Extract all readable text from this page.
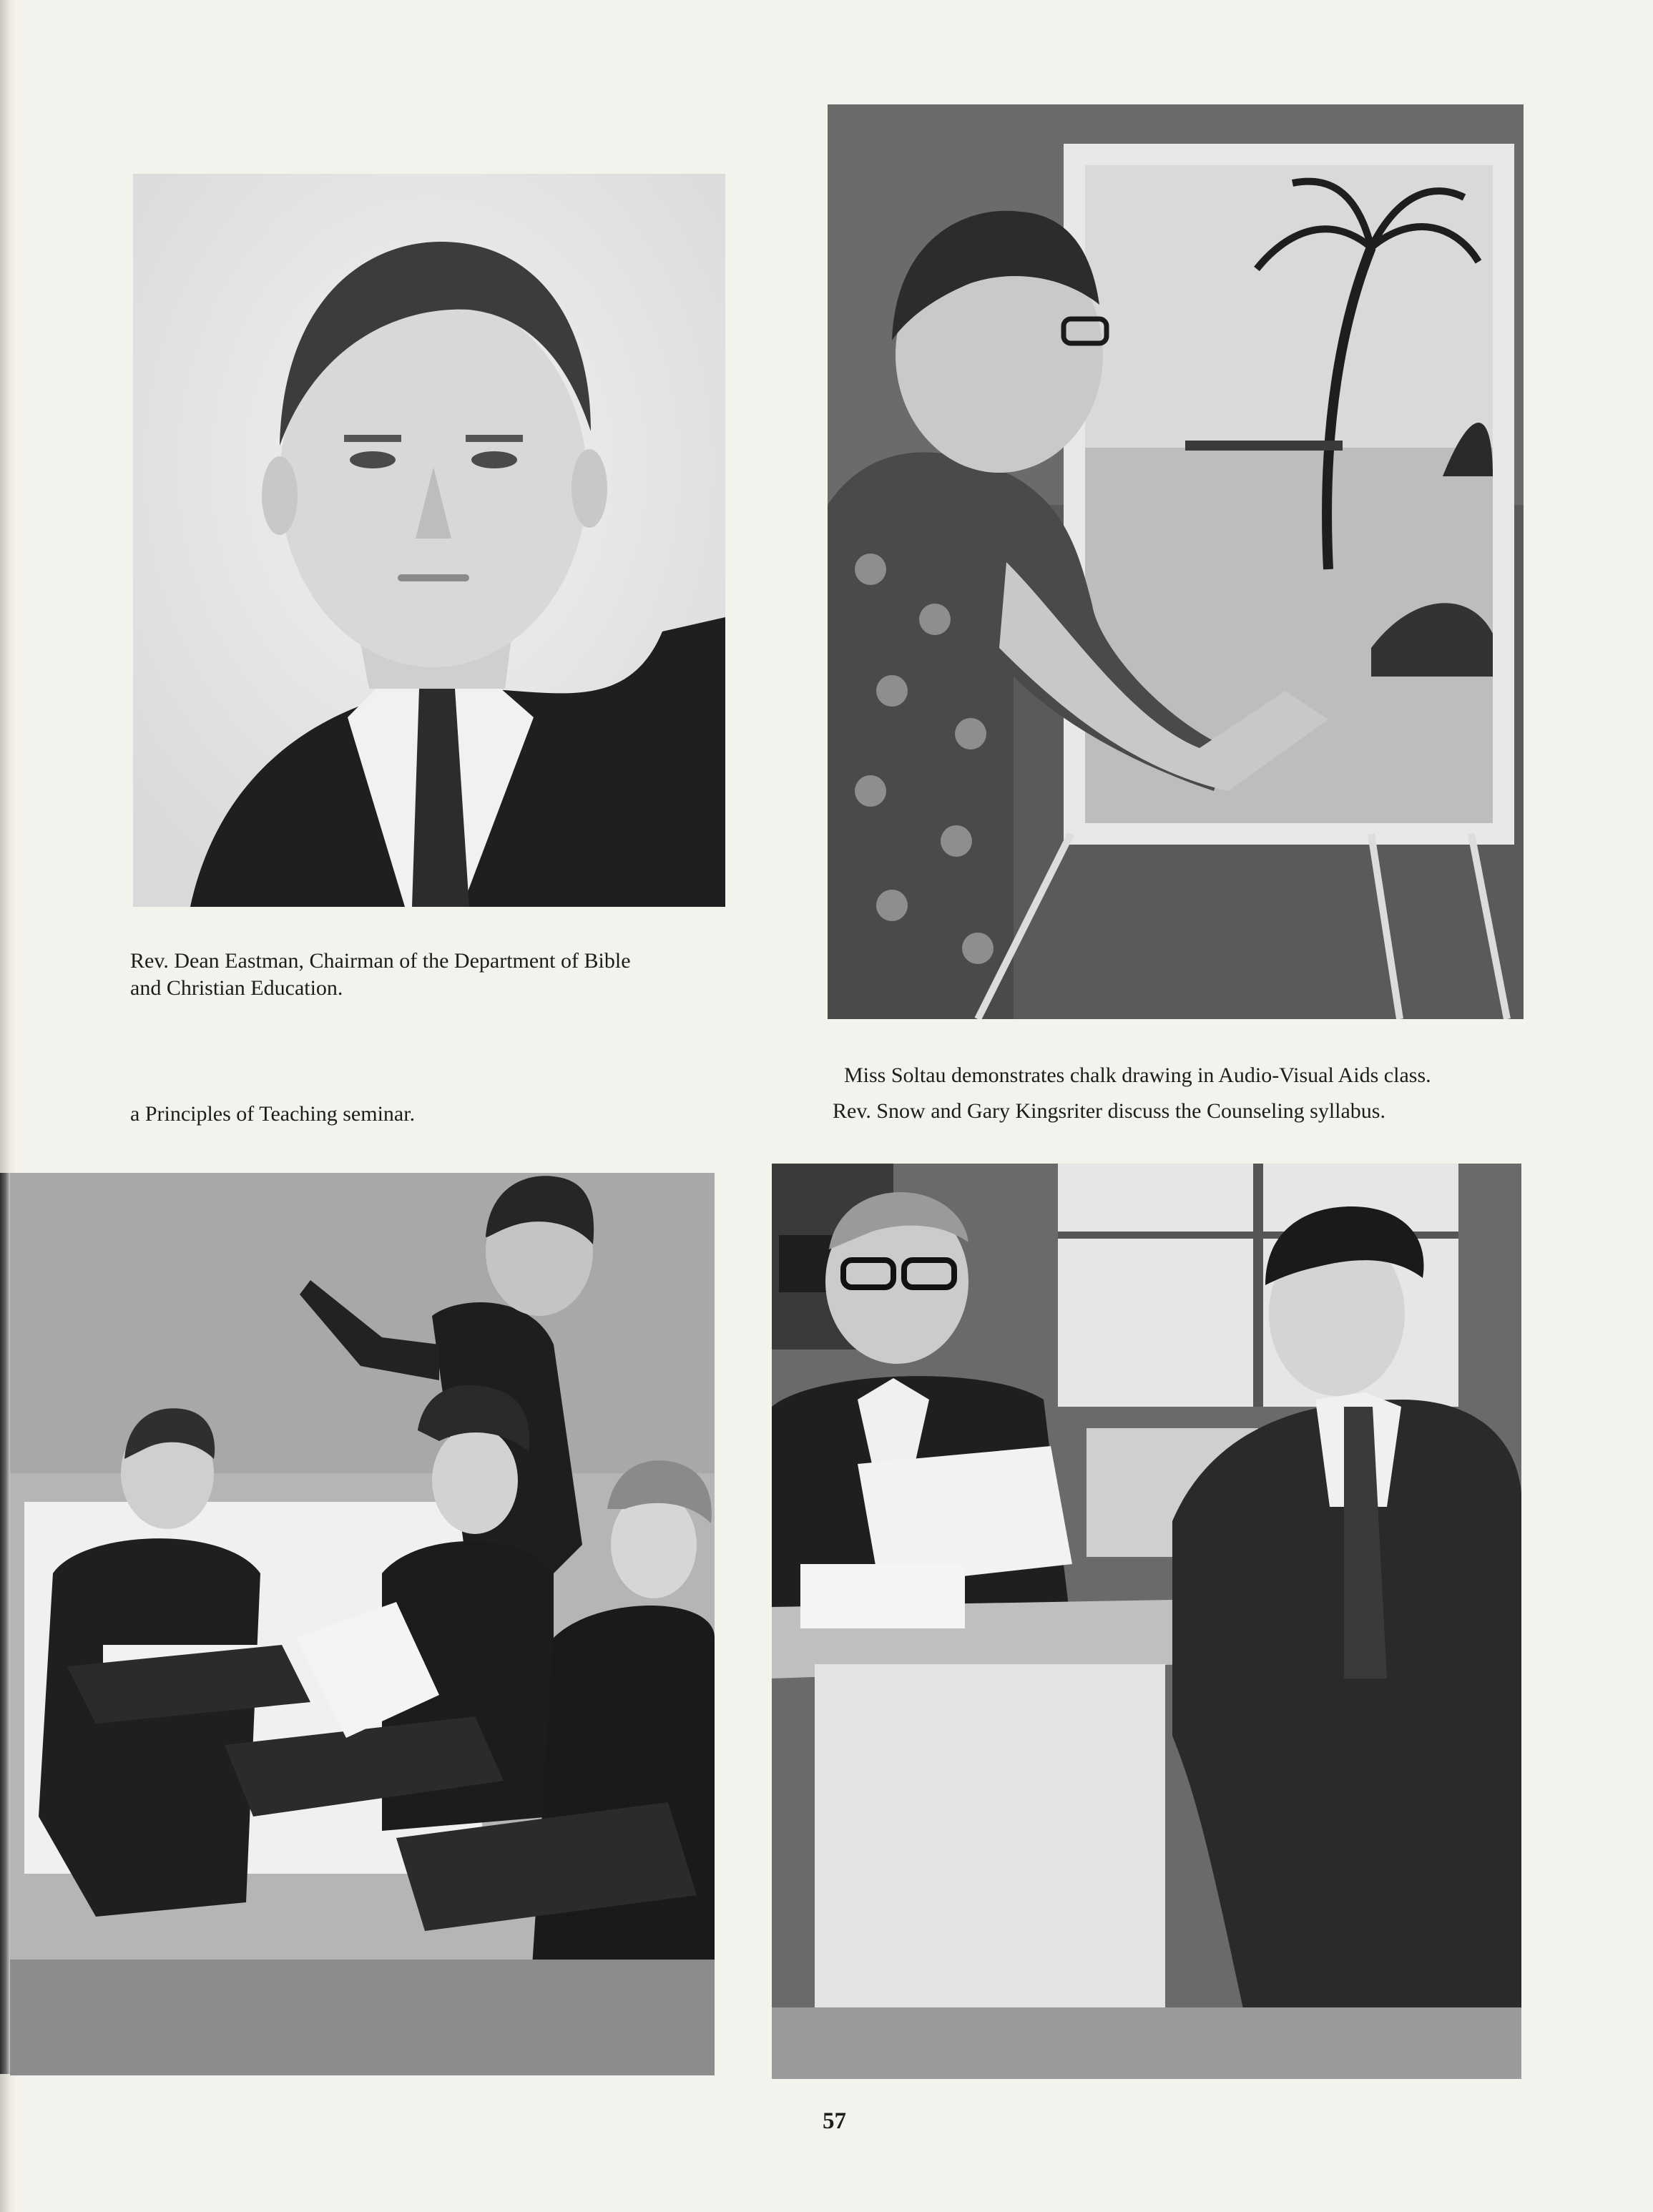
Rev. Dean Eastman, Chairman of the Department of Bible

and Christian Education.

Miss Soltau demonstrates chalk drawing in Audio-Visual Aids class.

a Principles of Teaching seminar.	Rev. Snow and Gary Kingsriter discuss the Counseling syllabus.

57
